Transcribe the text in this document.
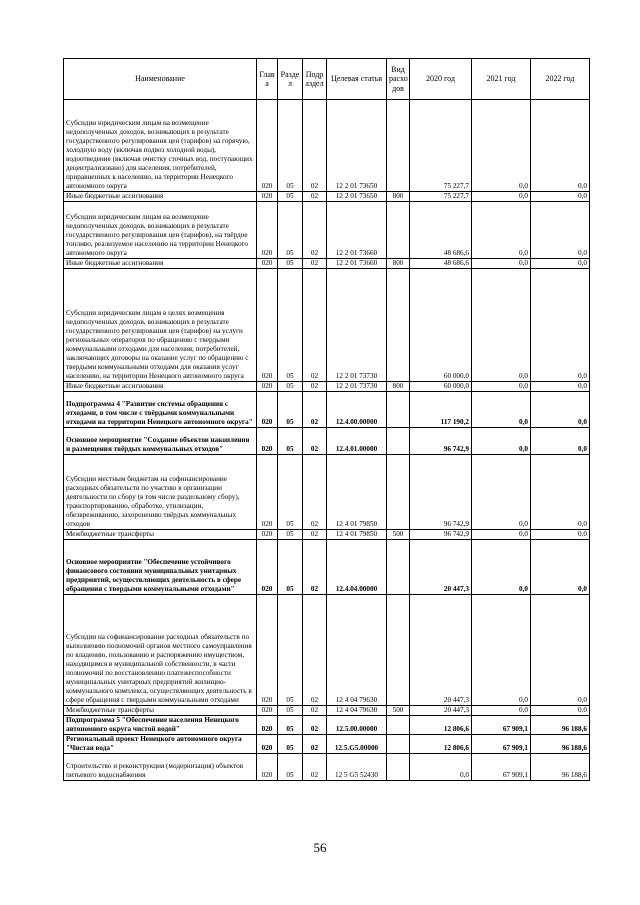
Наименование	Глав а	Разде л	Подр аздел	Целевая статья	Вид расхо дов	2020 год	2021 год	2022 год
Субсидии юридическим лицам на возмещение недополученных доходов, возникающих в результате государственного регулирования цен (тарифов) на горячую, холодную воду (включая подвоз холодной воды), водоотведение (включая очистку сточных вод, поступающих децентрализовано) для населения, потребителей, приравненных к населению, на территории Ненецкого автономного округа	020	05	02	12 2 01 73650		75 227,7	0,0	0,0
Иные бюджетные ассигнования	020	05	02	12 2 01 73650	800	75 227,7	0,0	0,0
Субсидии юридическим лицам на возмещение недополученных доходов, возникающих в результате государственного регулирования цен (тарифов), на твёрдое топливо, реализуемое населению на территории Ненецкого автономного округа	020	05	02	12 2 01 73660		48 686,6	0,0	0,0
Иные бюджетные ассигнования	020	05	02	12 2 01 73660	800	48 686,6	0,0	0,0
Субсидии юридическим лицам в целях возмещения недополученных доходов, возникающих в результате государственного регулирования цен (тарифов) на услуги региональных операторов по обращению с твердыми коммунальными отходами для населения, потребителей, заключающих договоры на оказание услуг по обращению с твердыми коммунальными отходами для оказания услуг населению, на территории Ненецкого автономного округа	020	05	02	12 2 01 73730		60 000,0	0,0	0,0
Иные бюджетные ассигнования	020	05	02	12 2 01 73730	800	60 000,0	0,0	0,0
Подпрограмма 4 "Развитие системы обращения с отходами, в том числе с твёрдыми коммунальными отходами на территории Ненецкого автономного округа"	020	05	02	12.4.00.00000		117 190,2	0,0	0,0
Основное мероприятие "Создание объектов накопления и размещения твёрдых коммунальных отходов"	020	05	02	12.4.01.00000		96 742,9	0,0	0,0
Субсидии местным бюджетам на софинансирование расходных обязательств по участию в организации деятельности по сбору (в том числе раздельному сбору), транспортированию, обработке, утилизации, обезвреживанию, захоронению твёрдых коммунальных отходов	020	05	02	12 4 01 79850		96 742,9	0,0	0,0
Межбюджетные трансферты	020	05	02	12 4 01 79850	500	96 742,9	0,0	0,0
Основное мероприятие "Обеспечение устойчивого финансового состояния муниципальных унитарных предприятий, осуществляющих деятельность в сфере обращения с твердыми коммунальными отходами"	020	05	02	12.4.04.00000		20 447,3	0,0	0,0
Субсидии на софинансирование расходных обязательств по выполнению полномочий органов местного самоуправления по владению, пользованию и распоряжению имуществом, находящимся в муниципальной собственности, в части полномочий по восстановлению платежеспособности муниципальных унитарных предприятий жилищно-коммунального комплекса, осуществляющих деятельность в сфере обращения с твердыми коммунальными отходами	020	05	02	12 4 04 79630		20 447,3	0,0	0,0
Межбюджетные трансферты	020	05	02	12 4 04 79630	500	20 447,3	0,0	0,0
Подпрограмма 5 "Обеспечение населения Ненецкого автономного округа чистой водой"	020	05	02	12.5.00.00000		12 806,6	67 909,1	96 188,6
Региональный проект Ненецкого автономного округа "Чистая вода"	020	05	02	12.5.G5.00000		12 806,6	67 909,1	96 188,6
Строительство и реконструкция (модернизация) объектов питьевого водоснабжения	020	05	02	12 5 G5 52430		0,0	67 909,1	96 188,6
56
